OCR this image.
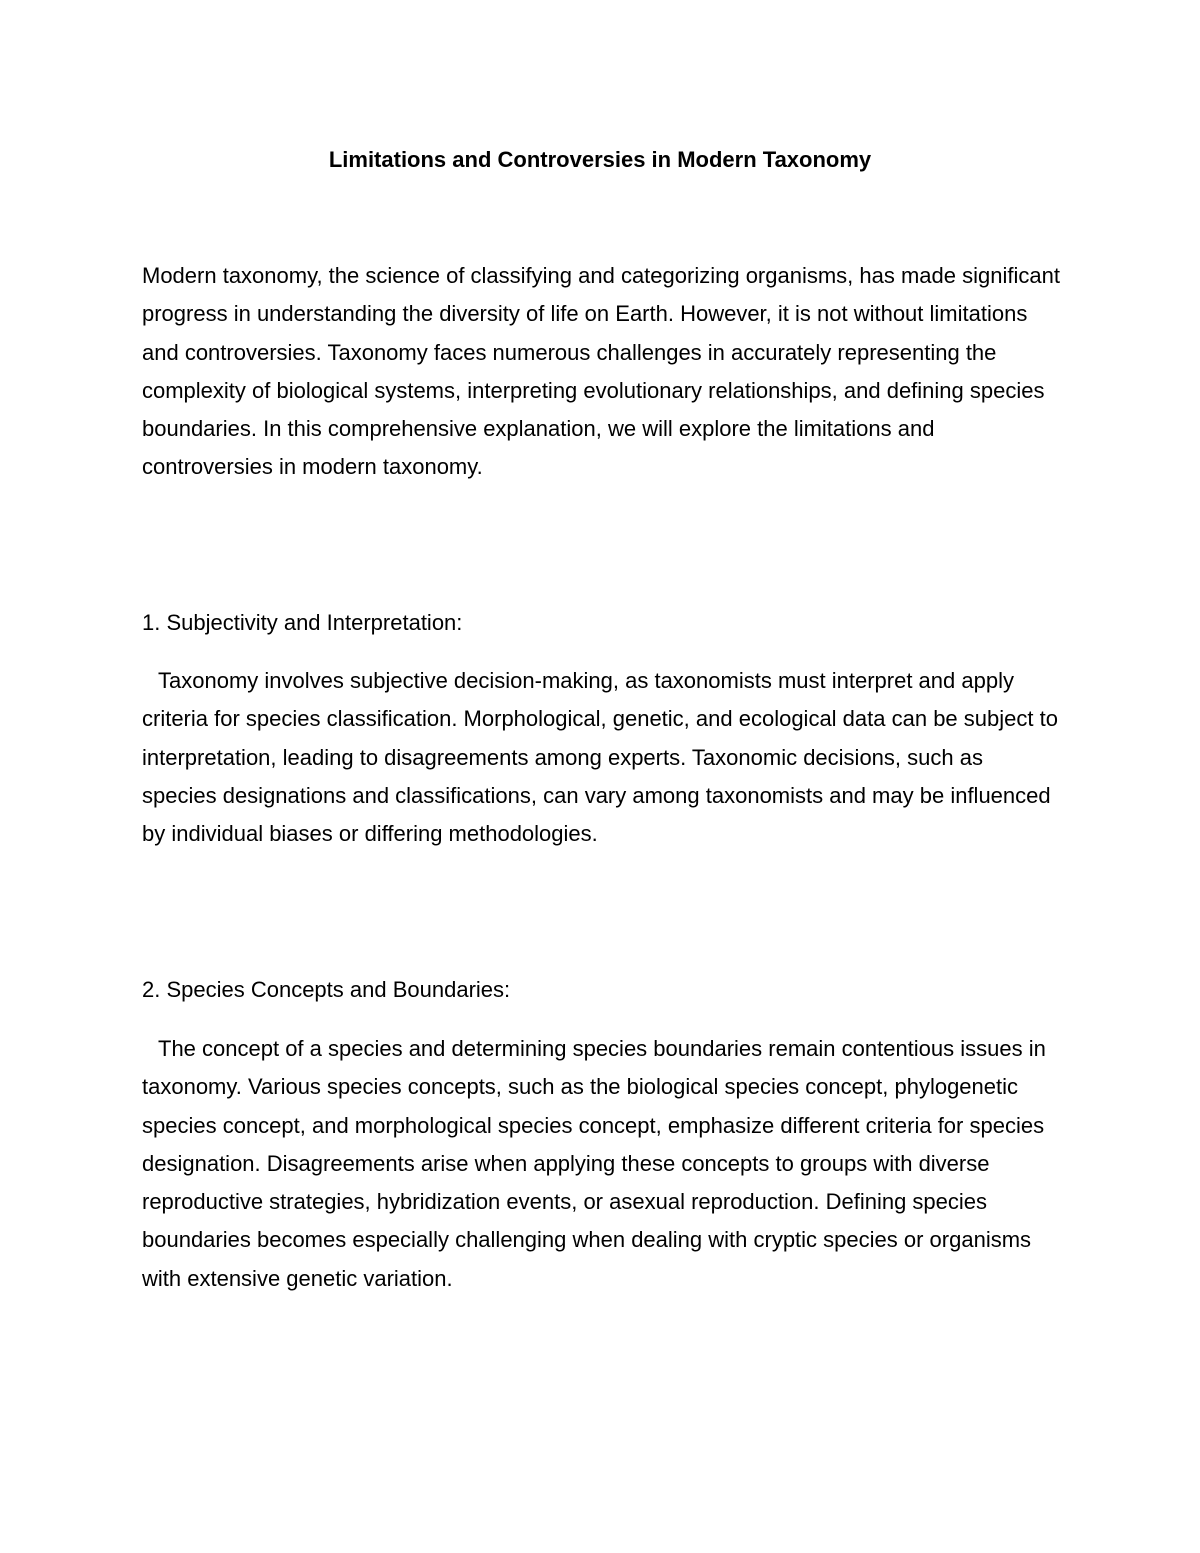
Limitations and Controversies in Modern Taxonomy

Modern taxonomy, the science of classifying and categorizing organisms, has made significant progress in understanding the diversity of life on Earth. However, it is not without limitations and controversies. Taxonomy faces numerous challenges in accurately representing the complexity of biological systems, interpreting evolutionary relationships, and defining species boundaries. In this comprehensive explanation, we will explore the limitations and controversies in modern taxonomy.

1. Subjectivity and Interpretation:

Taxonomy involves subjective decision-making, as taxonomists must interpret and apply criteria for species classification. Morphological, genetic, and ecological data can be subject to interpretation, leading to disagreements among experts. Taxonomic decisions, such as species designations and classifications, can vary among taxonomists and may be influenced by individual biases or differing methodologies.

2. Species Concepts and Boundaries:

The concept of a species and determining species boundaries remain contentious issues in taxonomy. Various species concepts, such as the biological species concept, phylogenetic species concept, and morphological species concept, emphasize different criteria for species designation. Disagreements arise when applying these concepts to groups with diverse reproductive strategies, hybridization events, or asexual reproduction. Defining species boundaries becomes especially challenging when dealing with cryptic species or organisms with extensive genetic variation.
